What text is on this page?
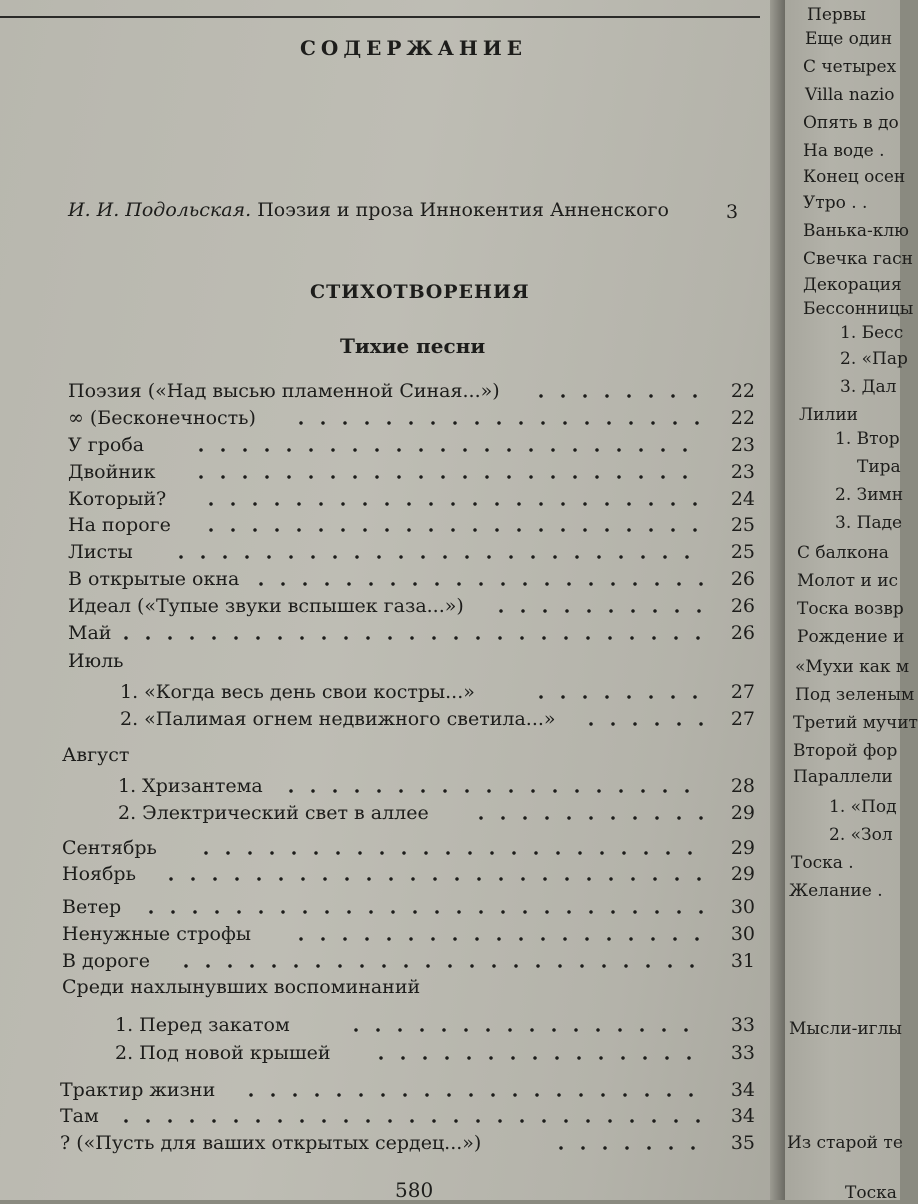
СОДЕРЖАНИЕ
И. И. Подольская. Поэзия и проза Иннокентия Анненского	3
СТИХОТВОРЕНИЯ
Тихие песни
Поэзия («Над высью пламенной Синая...»)	22
∞ (Бесконечность)	22
У гроба	23
Двойник	23
Который?	24
На пороге	25
Листы	25
В открытые окна	26
Идеал («Тупые звуки вспышек газа...»)	26
Май	26
Июль
1. «Когда весь день свои костры...»	27
2. «Палимая огнем недвижного светила...»	27
Август
1. Хризантема	28
2. Электрический свет в аллее	29
Сентябрь	29
Ноябрь	29
Ветер	30
Ненужные строфы	30
В дороге	31
Среди нахлынувших воспоминаний
1. Перед закатом	33
2. Под новой крышей	33
Трактир жизни	34
Там	34
? («Пусть для ваших открытых сердец...»)	35
580
Первы
Еще один
С четырех
Villa nazio
Опять в до
На воде .
Конец осен
Утро . .
Ванька-клю
Свечка гасн
Декорация
Бессонницы
1. Бесс
2. «Пар
3. Дал
Лилии
1. Втор
Тира
2. Зимн
3. Паде
С балкона
Молот и ис
Тоска возвр
Рождение и
«Мухи как м
Под зеленым
Третий мучит
Второй фор
Параллели
1. «Под
2. «Зол
Тоска .
Желание .
Мысли-иглы
Из старой те
Тоска
